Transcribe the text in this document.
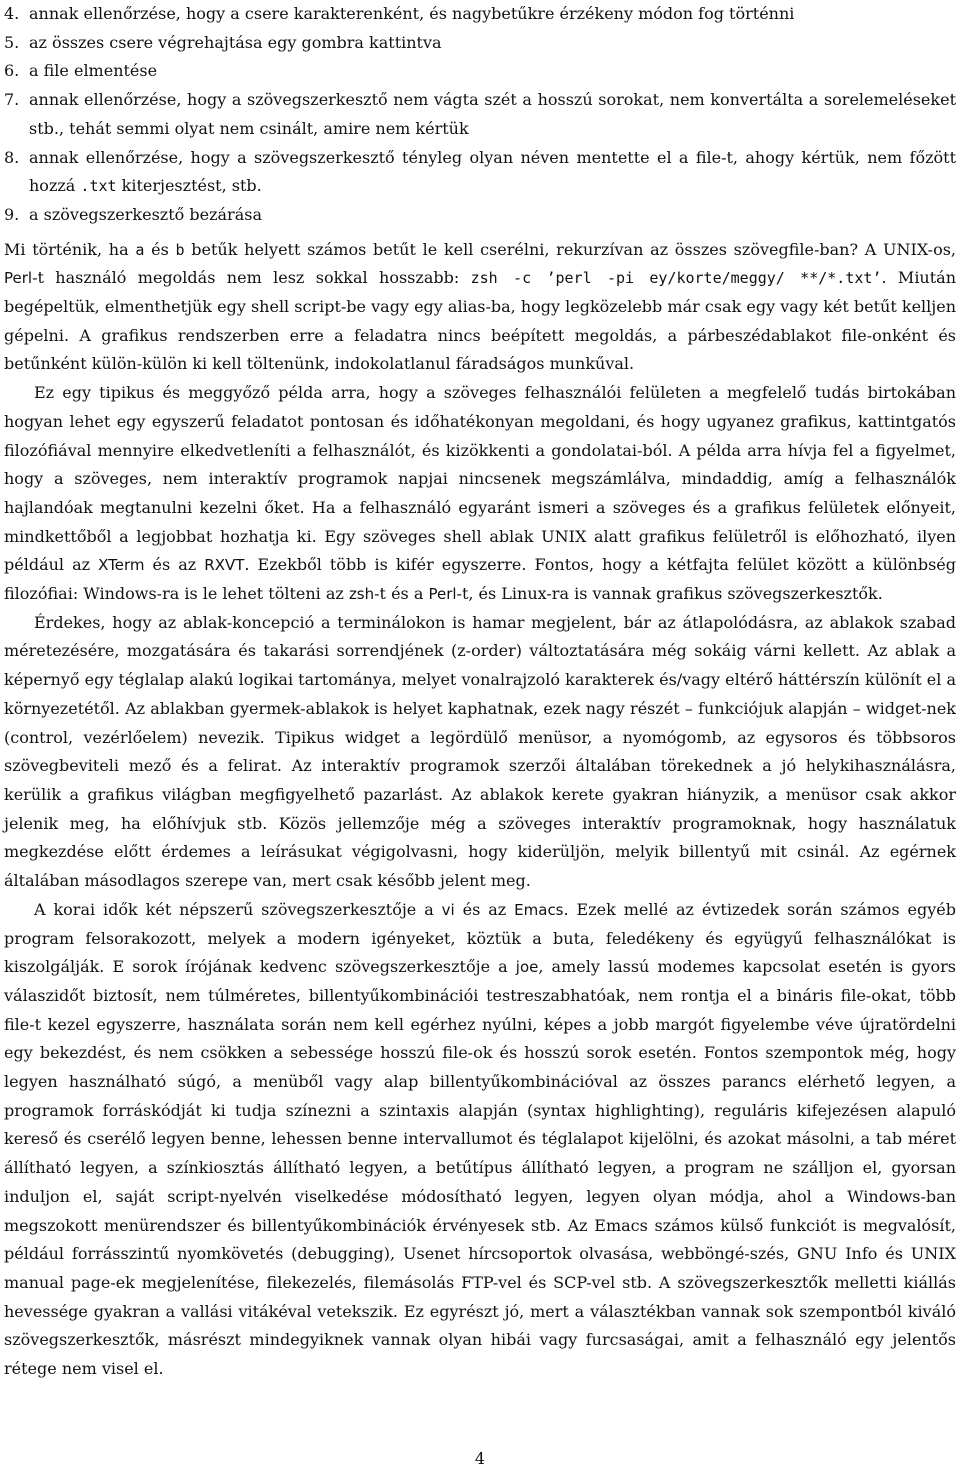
4. annak ellenőrzése, hogy a csere karakterenként, és nagybetűkre érzékeny módon fog történni

5. az összes csere végrehajtása egy gombra kattintva

6. a file elmentése

7. annak ellenőrzése, hogy a szövegszerkesztő nem vágta szét a hosszú sorokat, nem konvertálta a sorelemeléseket stb., tehát semmi olyat nem csinált, amire nem kértük

8. annak ellenőrzése, hogy a szövegszerkesztő tényleg olyan néven mentette el a file-t, ahogy kértük, nem főzött hozzá .txt kiterjesztést, stb.

9. a szövegszerkesztő bezárása

Mi történik, ha a és b betűk helyett számos betűt le kell cserélni, rekurzívan az összes szövegfile-ban? A UNIX-os, Perl-t használó megoldás nem lesz sokkal hosszabb: zsh -c ’perl -pi ey/korte/meggy/ **/*.txt’. Miután begépeltük, elmenthetjük egy shell script-be vagy egy alias-ba, hogy legközelebb már csak egy vagy két betűt kelljen gépelni. A grafikus rendszerben erre a feladatra nincs beépített megoldás, a párbeszédablakot file-onként és betűnként külön-külön ki kell töltenünk, indokolatlanul fáradságos munkűval.

Ez egy tipikus és meggyőző példa arra, hogy a szöveges felhasználói felületen a megfelelő tudás birtokában hogyan lehet egy egyszerű feladatot pontosan és időhatékonyan megoldani, és hogy ugyanez grafikus, kattintgatós filozófiával mennyire elkedvetleníti a felhasználót, és kizökkenti a gondolatai-ból. A példa arra hívja fel a figyelmet, hogy a szöveges, nem interaktív programok napjai nincsenek megszámlálva, mindaddig, amíg a felhasználók hajlandóak megtanulni kezelni őket. Ha a felhasználó egyaránt ismeri a szöveges és a grafikus felületek előnyeit, mindkettőből a legjobbat hozhatja ki. Egy szöveges shell ablak UNIX alatt grafikus felületről is előhozható, ilyen például az XTerm és az RXVT. Ezekből több is kifér egyszerre. Fontos, hogy a kétfajta felület között a különbség filozófiai: Windows-ra is le lehet tölteni az zsh-t és a Perl-t, és Linux-ra is vannak grafikus szövegszerkesztők.

Érdekes, hogy az ablak-koncepció a terminálokon is hamar megjelent, bár az átlapolódásra, az ablakok szabad méretezésére, mozgatására és takarási sorrendjének (z-order) változtatására még sokáig várni kellett. Az ablak a képernyő egy téglalap alakú logikai tartománya, melyet vonalrajzoló karakterek és/vagy eltérő háttérszín különít el a környezetétől. Az ablakban gyermek-ablakok is helyet kaphatnak, ezek nagy részét – funkciójuk alapján – widget-nek (control, vezérlőelem) nevezik. Tipikus widget a legördülő menüsor, a nyomógomb, az egysoros és többsoros szövegbeviteli mező és a felirat. Az interaktív programok szerzői általában törekednek a jó helykihasználásra, kerülik a grafikus világban megfigyelhető pazarlást. Az ablakok kerete gyakran hiányzik, a menüsor csak akkor jelenik meg, ha előhívjuk stb. Közös jellemzője még a szöveges interaktív programoknak, hogy használatuk megkezdése előtt érdemes a leírásukat végigolvasni, hogy kiderüljön, melyik billentyű mit csinál. Az egérnek általában másodlagos szerepe van, mert csak később jelent meg.

A korai idők két népszerű szövegszerkesztője a vi és az Emacs. Ezek mellé az évtizedek során számos egyéb program felsorakozott, melyek a modern igényeket, köztük a buta, feledékeny és együgyű felhasználókat is kiszolgálják. E sorok írójának kedvenc szövegszerkesztője a joe, amely lassú modemes kapcsolat esetén is gyors válaszidőt biztosít, nem túlméretes, billentyűkombinációi testreszabhatóak, nem rontja el a bináris file-okat, több file-t kezel egyszerre, használata során nem kell egérhez nyúlni, képes a jobb margót figyelembe véve újratördelni egy bekezdést, és nem csökken a sebessége hosszú file-ok és hosszú sorok esetén. Fontos szempontok még, hogy legyen használható súgó, a menüből vagy alap billentyűkombinációval az összes parancs elérhető legyen, a programok forráskódját ki tudja színezni a szintaxis alapján (syntax highlighting), reguláris kifejezésen alapuló kereső és cserélő legyen benne, lehessen benne intervallumot és téglalapot kijelölni, és azokat másolni, a tab méret állítható legyen, a színkiosztás állítható legyen, a betűtípus állítható legyen, a program ne szálljon el, gyorsan induljon el, saját script-nyelvén viselkedése módosítható legyen, legyen olyan módja, ahol a Windows-ban megszokott menürendszer és billentyűkombinációk érvényesek stb. Az Emacs számos külső funkciót is megvalósít, például forrásszintű nyomkövetés (debugging), Usenet hírcsoportok olvasása, webböngé-szés, GNU Info és UNIX manual page-ek megjelenítése, filekezelés, filemásolás FTP-vel és SCP-vel stb. A szövegszerkesztők melletti kiállás hevessége gyakran a vallási vitákéval vetekszik. Ez egyrészt jó, mert a választékban vannak sok szempontból kiváló szövegszerkesztők, másrészt mindegyiknek vannak olyan hibái vagy furcsaságai, amit a felhasználó egy jelentős rétege nem visel el.

4
